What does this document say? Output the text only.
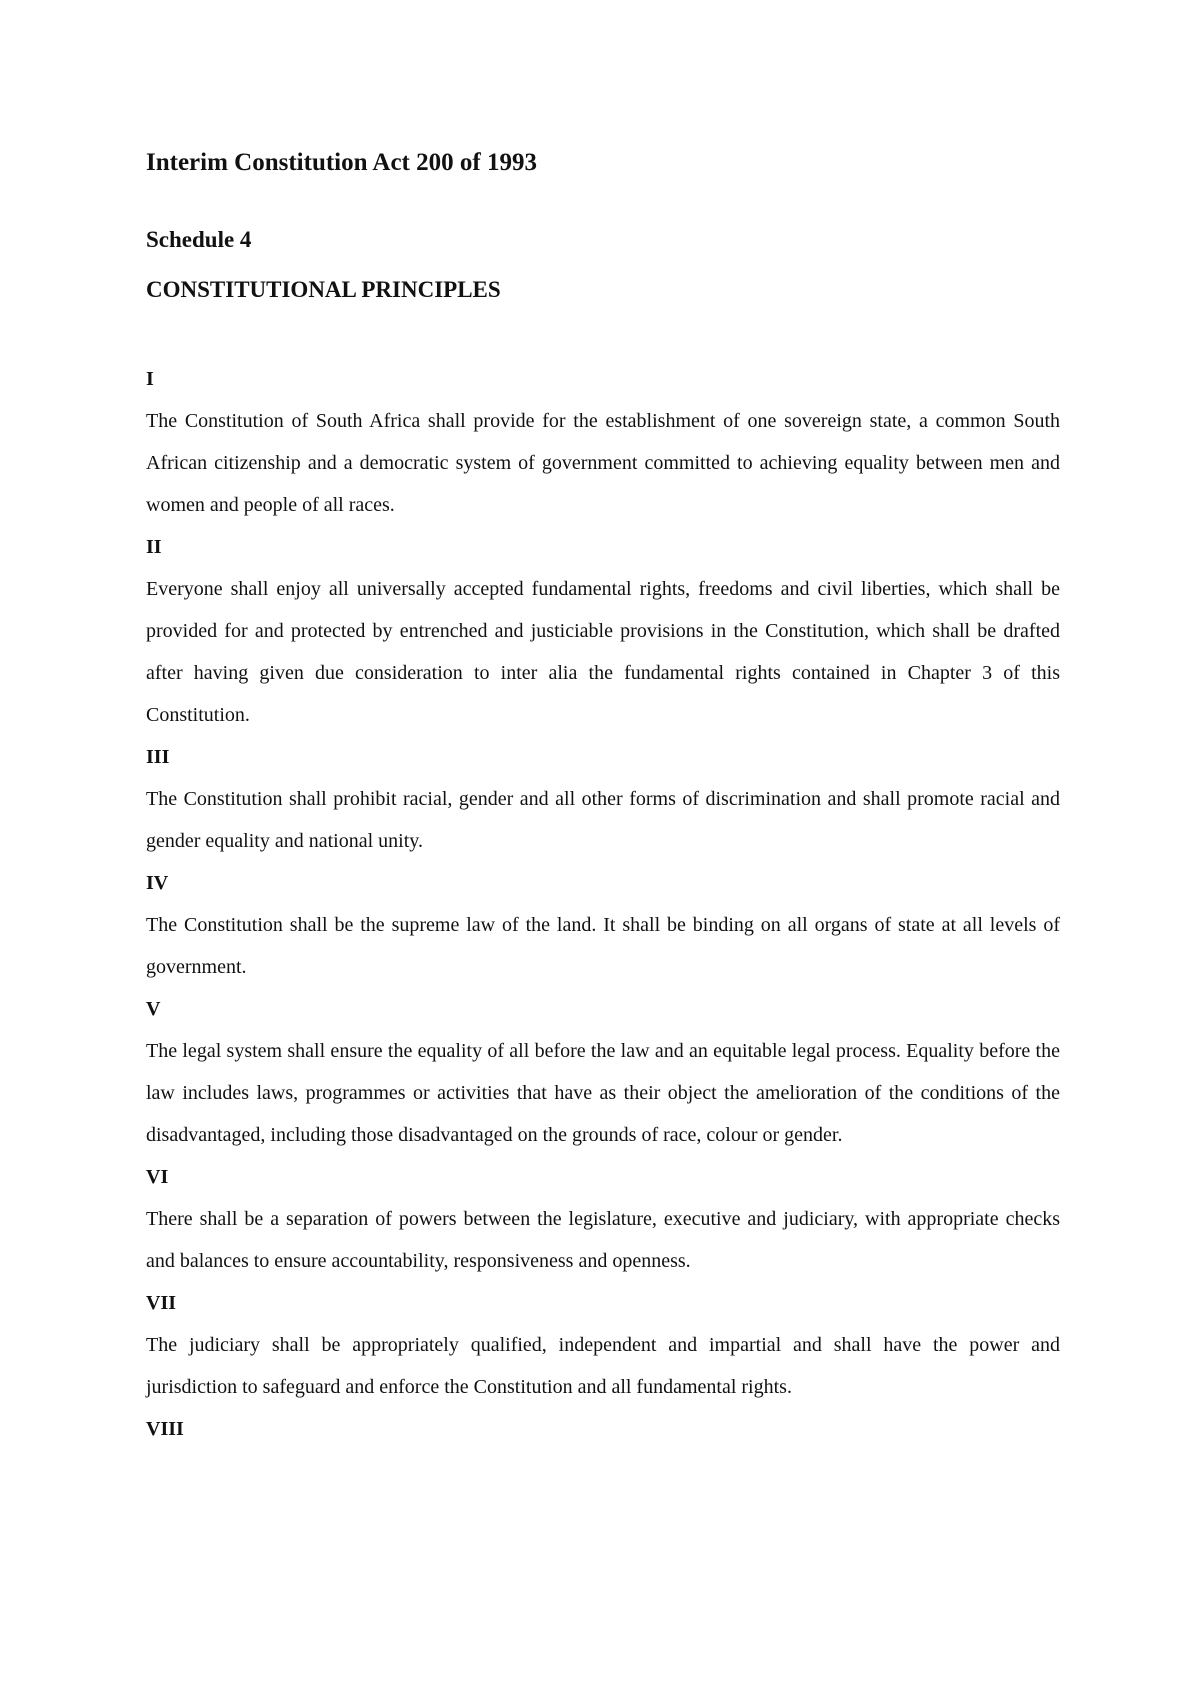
Interim Constitution Act 200 of 1993
Schedule 4
CONSTITUTIONAL PRINCIPLES

I

The Constitution of South Africa shall provide for the establishment of one sovereign state, a common South African citizenship and a democratic system of government committed to achieving equality between men and women and people of all races.

II

Everyone shall enjoy all universally accepted fundamental rights, freedoms and civil liberties, which shall be provided for and protected by entrenched and justiciable provisions in the Constitution, which shall be drafted after having given due consideration to inter alia the fundamental rights contained in Chapter 3 of this Constitution.

III

The Constitution shall prohibit racial, gender and all other forms of discrimination and shall promote racial and gender equality and national unity.

IV

The Constitution shall be the supreme law of the land. It shall be binding on all organs of state at all levels of government.

V

The legal system shall ensure the equality of all before the law and an equitable legal process. Equality before the law includes laws, programmes or activities that have as their object the amelioration of the conditions of the disadvantaged, including those disadvantaged on the grounds of race, colour or gender.

VI

There shall be a separation of powers between the legislature, executive and judiciary, with appropriate checks and balances to ensure accountability, responsiveness and openness.

VII

The judiciary shall be appropriately qualified, independent and impartial and shall have the power and jurisdiction to safeguard and enforce the Constitution and all fundamental rights.

VIII
